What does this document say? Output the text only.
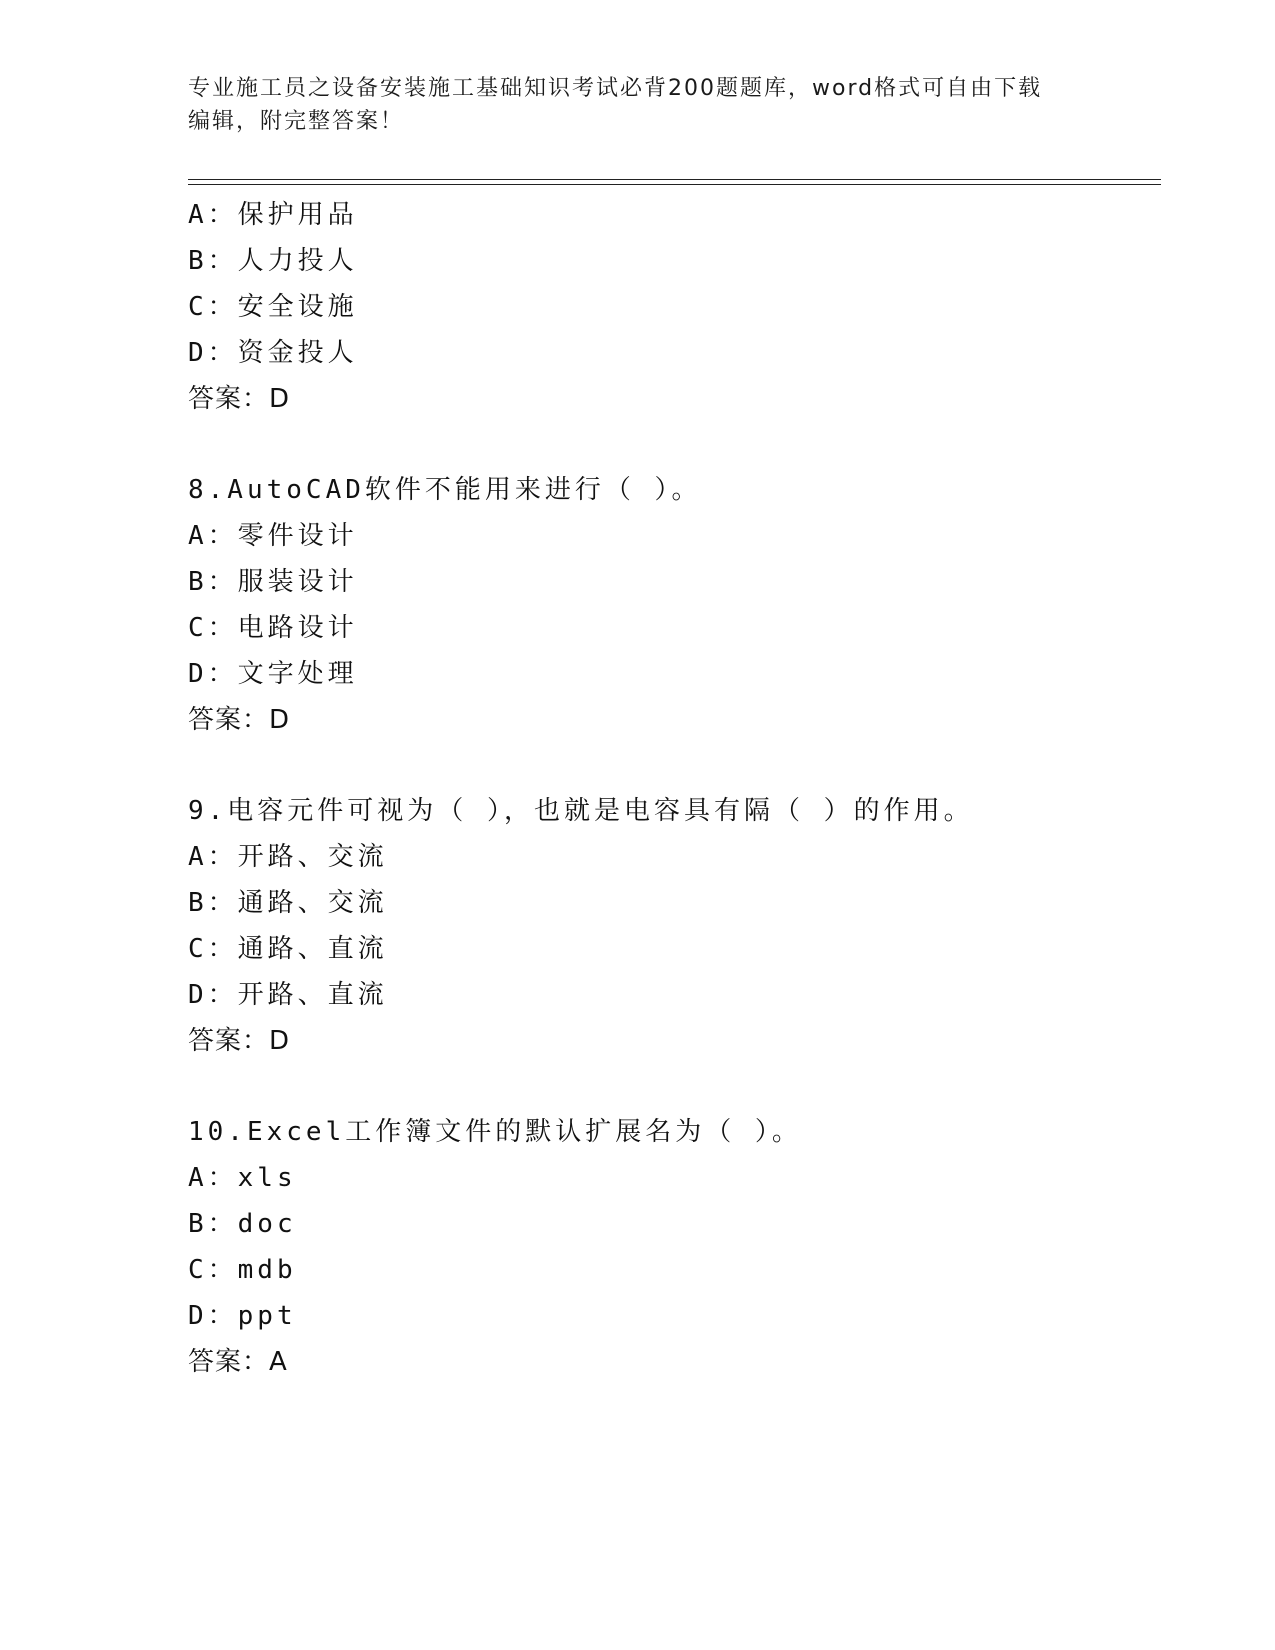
专业施工员之设备安装施工基础知识考试必背200题题库，word格式可自由下载
编辑，附完整答案！
A：保护用品
B：人力投人
C：安全设施
D：资金投人
答案：D
8.AutoCAD软件不能用来进行（ ）。
A：零件设计
B：服装设计
C：电路设计
D：文字处理
答案：D
9.电容元件可视为（ ），也就是电容具有隔（ ）的作用。
A：开路、交流
B：通路、交流
C：通路、直流
D：开路、直流
答案：D
10.Excel工作簿文件的默认扩展名为（ ）。
A：xls
B：doc
C：mdb
D：ppt
答案：A
